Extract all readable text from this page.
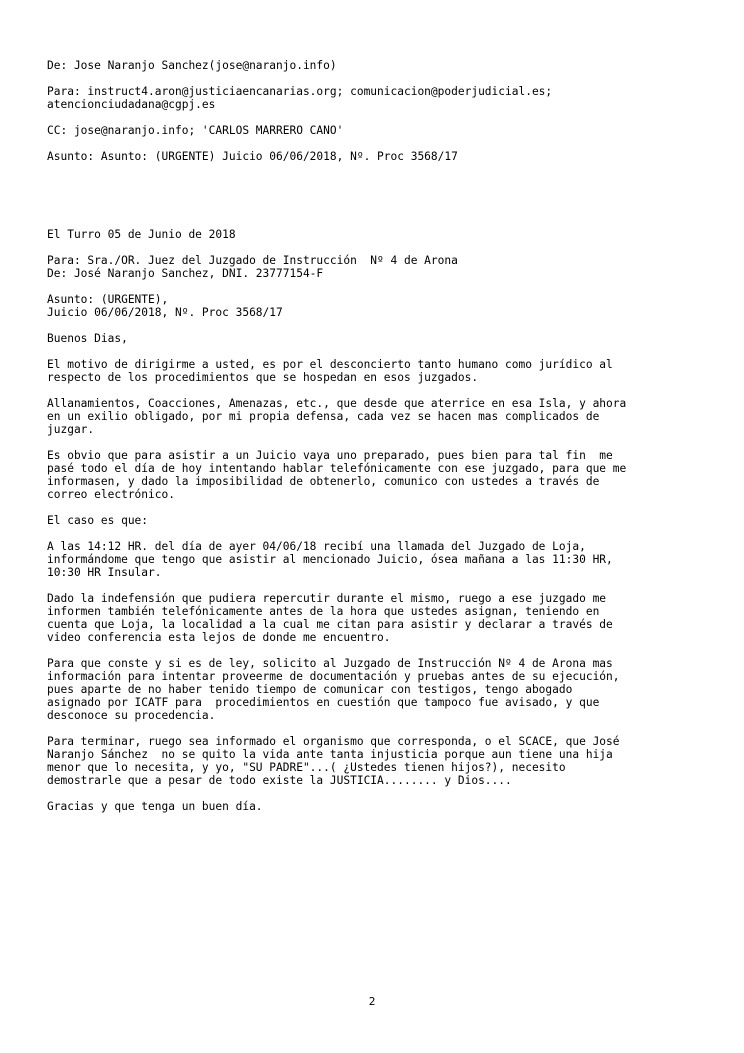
De: Jose Naranjo Sanchez(jose@naranjo.info)

Para: instruct4.aron@justiciaencanarias.org; comunicacion@poderjudicial.es;
atencionciudadana@cgpj.es

CC: jose@naranjo.info; 'CARLOS MARRERO CANO'

Asunto: Asunto: (URGENTE) Juicio 06/06/2018, Nº. Proc 3568/17

El Turro 05 de Junio de 2018

Para: Sra./OR. Juez del Juzgado de Instrucción  Nº 4 de Arona
De: José Naranjo Sanchez, DNI. 23777154-F

Asunto: (URGENTE),
Juicio 06/06/2018, Nº. Proc 3568/17

Buenos Dias,

El motivo de dirigirme a usted, es por el desconcierto tanto humano como jurídico al
respecto de los procedimientos que se hospedan en esos juzgados.

Allanamientos, Coacciones, Amenazas, etc., que desde que aterrice en esa Isla, y ahora
en un exilio obligado, por mi propia defensa, cada vez se hacen mas complicados de
juzgar.

Es obvio que para asistir a un Juicio vaya uno preparado, pues bien para tal fin  me
pasé todo el día de hoy intentando hablar telefónicamente con ese juzgado, para que me
informasen, y dado la imposibilidad de obtenerlo, comunico con ustedes a través de
correo electrónico.

El caso es que:

A las 14:12 HR. del día de ayer 04/06/18 recibí una llamada del Juzgado de Loja,
informándome que tengo que asistir al mencionado Juicio, ósea mañana a las 11:30 HR,
10:30 HR Insular.

Dado la indefensión que pudiera repercutir durante el mismo, ruego a ese juzgado me
informen también telefónicamente antes de la hora que ustedes asignan, teniendo en
cuenta que Loja, la localidad a la cual me citan para asistir y declarar a través de
video conferencia esta lejos de donde me encuentro.

Para que conste y si es de ley, solicito al Juzgado de Instrucción Nº 4 de Arona mas
información para intentar proveerme de documentación y pruebas antes de su ejecución,
pues aparte de no haber tenido tiempo de comunicar con testigos, tengo abogado
asignado por ICATF para  procedimientos en cuestión que tampoco fue avisado, y que
desconoce su procedencia.

Para terminar, ruego sea informado el organismo que corresponda, o el SCACE, que José
Naranjo Sánchez  no se quito la vida ante tanta injusticia porque aun tiene una hija
menor que lo necesita, y yo, "SU PADRE"...( ¿Ustedes tienen hijos?), necesito
demostrarle que a pesar de todo existe la JUSTICIA........ y Dios....

Gracias y que tenga un buen día.

2
